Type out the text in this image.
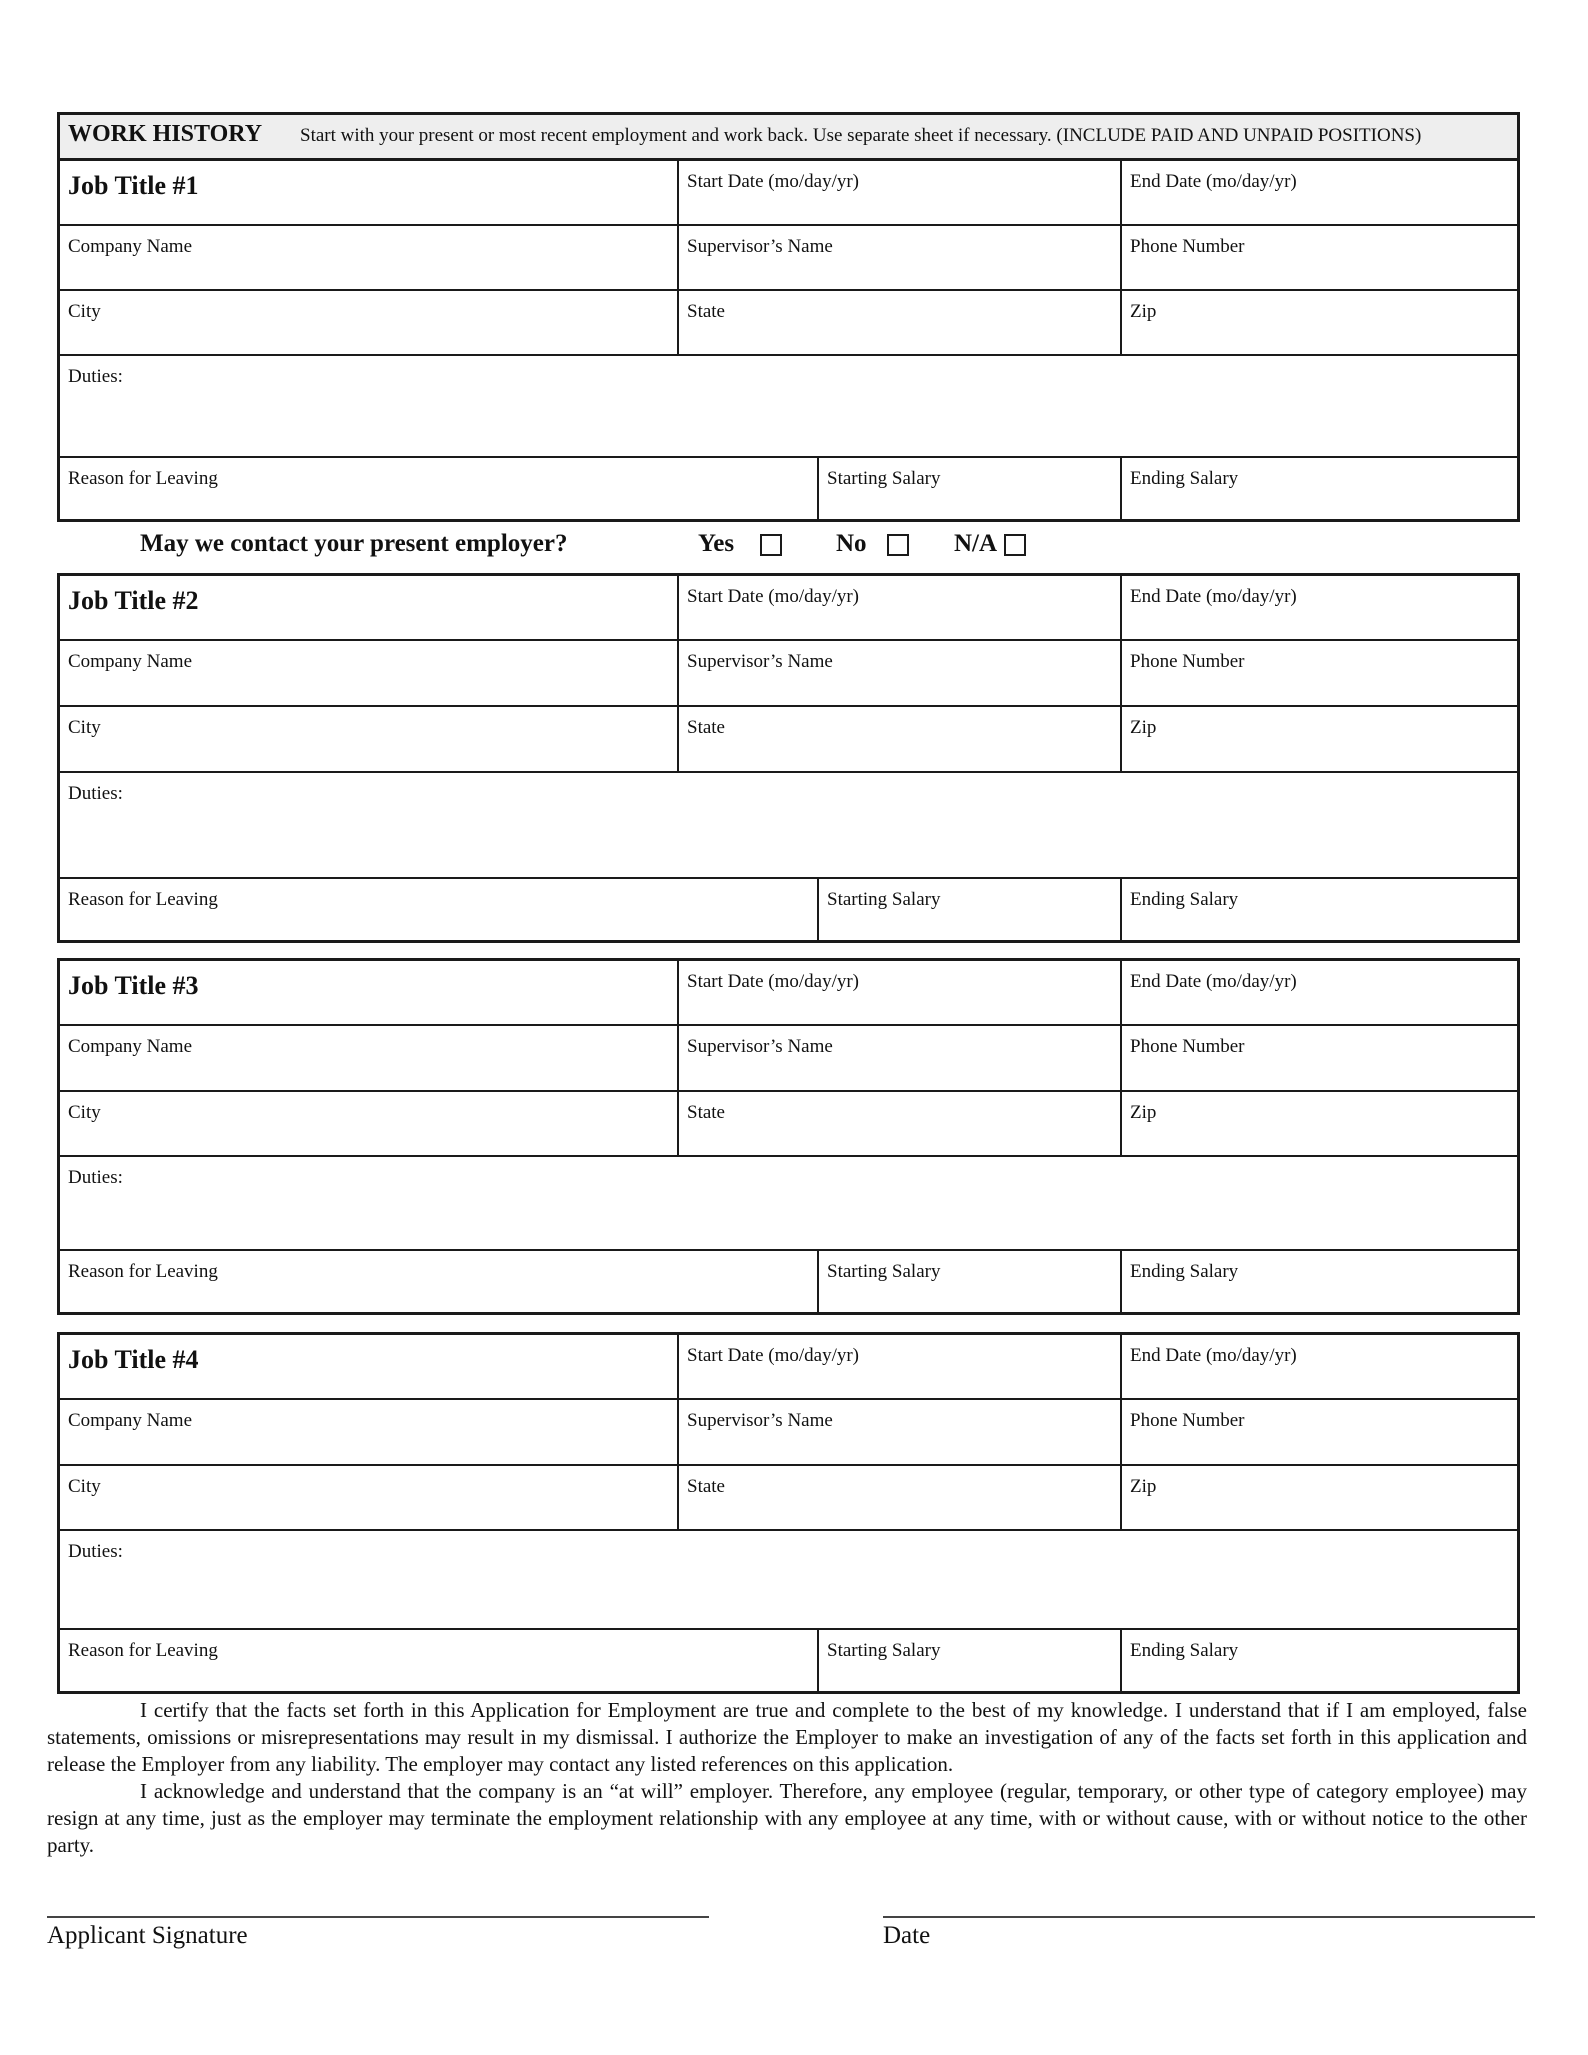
WORK HISTORY Start with your present or most recent employment and work back. Use separate sheet if necessary. (INCLUDE PAID AND UNPAID POSITIONS)
Job Title #1	Start Date (mo/day/yr)	End Date (mo/day/yr)
Company Name	Supervisor’s Name	Phone Number
City	State	Zip
Duties:
Reason for Leaving	Starting Salary	Ending Salary
May we contact your present employer?	Yes	No	N/A
Job Title #2	Start Date (mo/day/yr)	End Date (mo/day/yr)
Company Name	Supervisor’s Name	Phone Number
City	State	Zip
Duties:
Reason for Leaving	Starting Salary	Ending Salary
Job Title #3	Start Date (mo/day/yr)	End Date (mo/day/yr)
Company Name	Supervisor’s Name	Phone Number
City	State	Zip
Duties:
Reason for Leaving	Starting Salary	Ending Salary
Job Title #4	Start Date (mo/day/yr)	End Date (mo/day/yr)
Company Name	Supervisor’s Name	Phone Number
City	State	Zip
Duties:
Reason for Leaving	Starting Salary	Ending Salary
I certify that the facts set forth in this Application for Employment are true and complete to the best of my knowledge. I understand that if I am employed, false statements, omissions or misrepresentations may result in my dismissal. I authorize the Employer to make an investigation of any of the facts set forth in this application and release the Employer from any liability. The employer may contact any listed references on this application.
I acknowledge and understand that the company is an “at will” employer. Therefore, any employee (regular, temporary, or other type of category employee) may resign at any time, just as the employer may terminate the employment relationship with any employee at any time, with or without cause, with or without notice to the other party.
Applicant Signature	Date
